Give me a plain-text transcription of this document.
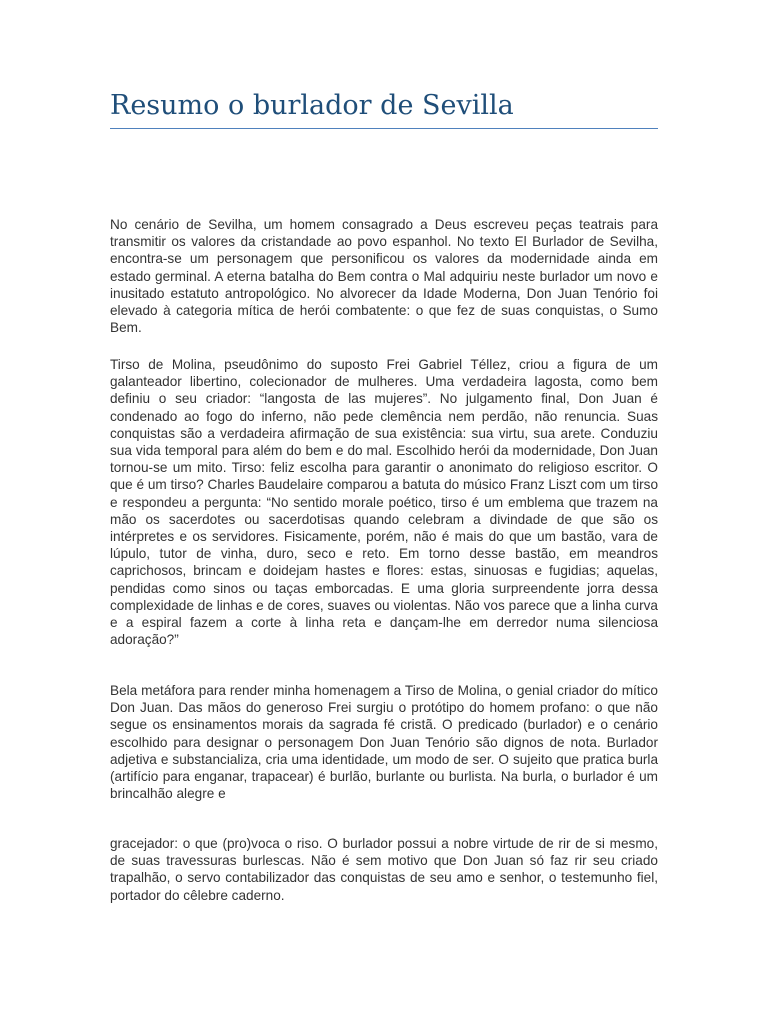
Resumo o burlador de Sevilla

No cenário de Sevilha, um homem consagrado a Deus escreveu peças teatrais para transmitir os valores da cristandade ao povo espanhol. No texto El Burlador de Sevilha, encontra-se um personagem que personificou os valores da modernidade ainda em estado germinal. A eterna batalha do Bem contra o Mal adquiriu neste burlador um novo e inusitado estatuto antropológico. No alvorecer da Idade Moderna, Don Juan Tenório foi elevado à categoria mítica de herói combatente: o que fez de suas conquistas, o Sumo Bem.

Tirso de Molina, pseudônimo do suposto Frei Gabriel Téllez, criou a figura de um galanteador libertino, colecionador de mulheres. Uma verdadeira lagosta, como bem definiu o seu criador: “langosta de las mujeres”. No julgamento final, Don Juan é condenado ao fogo do inferno, não pede clemência nem perdão, não renuncia. Suas conquistas são a verdadeira afirmação de sua existência: sua virtu, sua arete. Conduziu sua vida temporal para além do bem e do mal. Escolhido herói da modernidade, Don Juan tornou-se um mito. Tirso: feliz escolha para garantir o anonimato do religioso escritor. O que é um tirso? Charles Baudelaire comparou a batuta do músico Franz Liszt com um tirso e respondeu a pergunta: “No sentido morale poético, tirso é um emblema que trazem na mão os sacerdotes ou sacerdotisas quando celebram a divindade de que são os intérpretes e os servidores. Fisicamente, porém, não é mais do que um bastão, vara de lúpulo, tutor de vinha, duro, seco e reto. Em torno desse bastão, em meandros caprichosos, brincam e doidejam hastes e flores: estas, sinuosas e fugidias; aquelas, pendidas como sinos ou taças emborcadas. E uma gloria surpreendente jorra dessa complexidade de linhas e de cores, suaves ou violentas. Não vos parece que a linha curva e a espiral fazem a corte à linha reta e dançam-lhe em derredor numa silenciosa adoração?”

Bela metáfora para render minha homenagem a Tirso de Molina, o genial criador do mítico Don Juan. Das mãos do generoso Frei surgiu o protótipo do homem profano: o que não segue os ensinamentos morais da sagrada fé cristã. O predicado (burlador) e o cenário escolhido para designar o personagem Don Juan Tenório são dignos de nota. Burlador adjetiva e substancializa, cria uma identidade, um modo de ser. O sujeito que pratica burla (artifício para enganar, trapacear) é burlão, burlante ou burlista. Na burla, o burlador é um brincalhão alegre e

gracejador: o que (pro)voca o riso. O burlador possui a nobre virtude de rir de si mesmo, de suas travessuras burlescas. Não é sem motivo que Don Juan só faz rir seu criado trapalhão, o servo contabilizador das conquistas de seu amo e senhor, o testemunho fiel, portador do cêlebre caderno.
